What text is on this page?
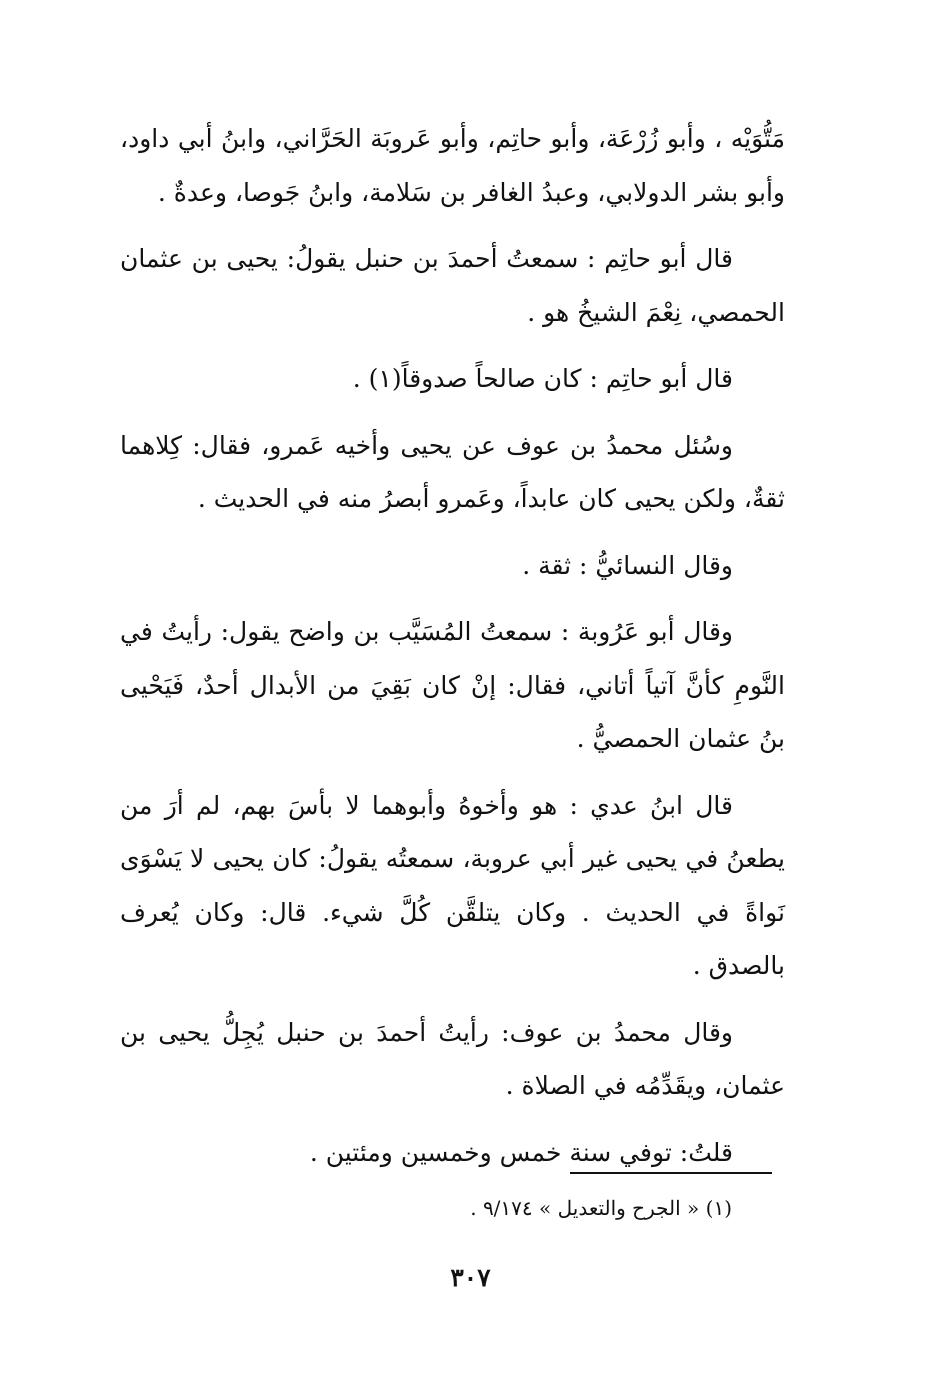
مَتُّوَيْه ، وأبو زُرْعَة، وأبو حاتِم، وأبو عَروبَة الحَرَّاني، وابنُ أبي داود، وأبو بشر الدولابي، وعبدُ الغافر بن سَلامة، وابنُ جَوصا، وعدةٌ .

قال أبو حاتِم : سمعتُ أحمدَ بن حنبل يقولُ: يحيى بن عثمان الحمصي، نِعْمَ الشيخُ هو .

قال أبو حاتِم : كان صالحاً صدوقاً(١) .

وسُئل محمدُ بن عوف عن يحيى وأخيه عَمرو، فقال: كِلاهما ثقةٌ، ولكن يحيى كان عابداً، وعَمرو أبصرُ منه في الحديث .

وقال النسائيُّ : ثقة .

وقال أبو عَرُوبة : سمعتُ المُسَيَّب بن واضح يقول: رأيتُ في النَّومِ كأنَّ آتياً أتاني، فقال: إنْ كان بَقِيَ من الأبدال أحدٌ، فَيَحْيى بنُ عثمان الحمصيُّ .

قال ابنُ عدي : هو وأخوهُ وأبوهما لا بأسَ بهم، لم أرَ من يطعنُ في يحيى غير أبي عروبة، سمعتُه يقولُ: كان يحيى لا يَسْوَى نَواةً في الحديث . وكان يتلقَّن كُلَّ شيء. قال: وكان يُعرف بالصدق .

وقال محمدُ بن عوف: رأيتُ أحمدَ بن حنبل يُجِلُّ يحيى بن عثمان، ويقَدِّمُه في الصلاة .

قلتُ: توفي سنة خمس وخمسين ومئتين .

(١) « الجرح والتعديل » ٩/١٧٤ .
٣٠٧
